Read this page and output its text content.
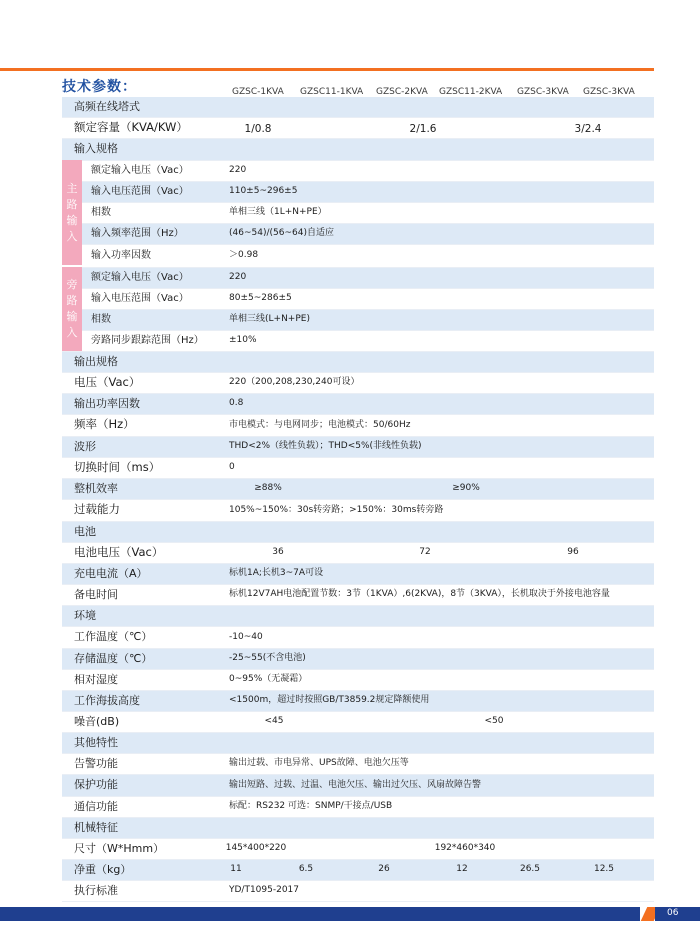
技术参数：	GZSC-1KVA GZSC11-1KVA GZSC-2KVA GZSC11-2KVA GZSC-3KVA GZSC-3KVA
高频在线塔式
额定容量（KVA/KW）	1/0.8	2/1.6	3/2.4
输入规格
额定输入电压（Vac）	220
输入电压范围（Vac）	110±5~296±5
相数	单相三线（1L+N+PE）
输入频率范围（Hz）	(46~54)/(56~64)自适应
输入功率因数	＞0.98
额定输入电压（Vac）	220
输入电压范围（Vac）	80±5~286±5
相数	单相三线(L+N+PE)
旁路同步跟踪范围（Hz）	±10%
输出规格
电压（Vac）	220（200,208,230,240可设）
输出功率因数	0.8
频率（Hz）	市电模式：与电网同步；电池模式：50/60Hz
波形	THD<2%（线性负载）；THD<5%(非线性负载)
切换时间（ms）	0
整机效率	≥88%	≥90%
过载能力	105%~150%：30s转旁路；>150%：30ms转旁路
电池
电池电压（Vac）	36	72	96
充电电流（A）	标机1A;长机3~7A可设
备电时间	标机12V7AH电池配置节数：3节（1KVA）,6(2KVA)，8节（3KVA），长机取决于外接电池容量
环境
工作温度（℃）	-10~40
存储温度（℃）	-25~55(不含电池)
相对湿度	0~95%（无凝霜）
工作海拔高度	<1500m，超过时按照GB/T3859.2规定降额使用
噪音(dB)	<45	<50
其他特性
告警功能	输出过载、市电异常、UPS故障、电池欠压等
保护功能	输出短路、过载、过温、电池欠压、输出过欠压、风扇故障告警
通信功能	标配：RS232 可选：SNMP/干接点/USB
机械特征
尺寸（W*Hmm）	145*400*220	192*460*340
净重（kg）	11	6.5	26	12	26.5	12.5
执行标准	YD/T1095-2017
主路输入
旁路输入
06
